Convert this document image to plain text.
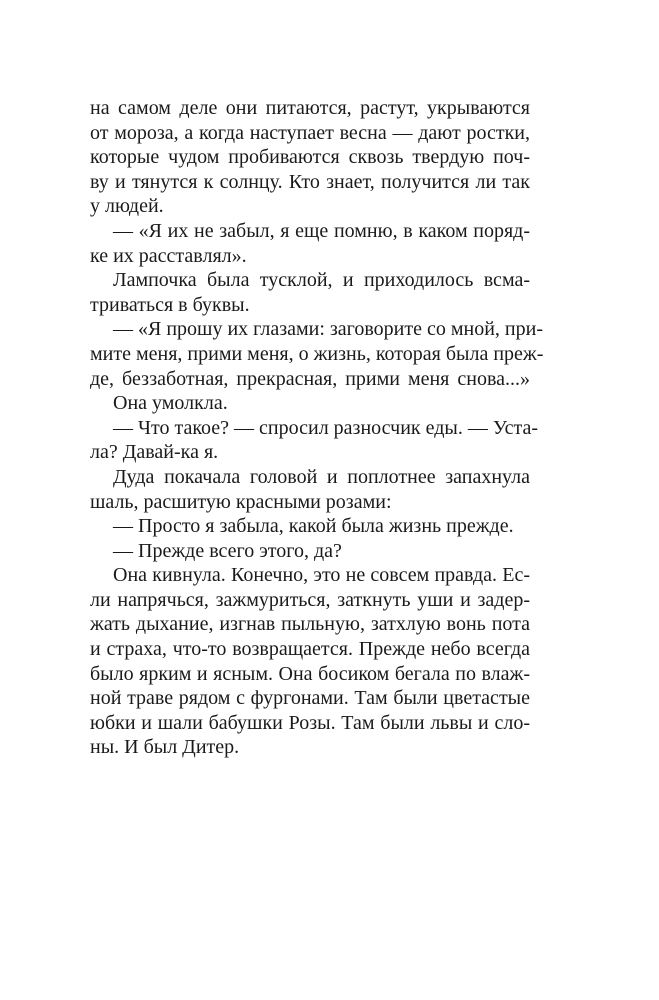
на самом деле они питаются, растут, укрываются
от мороза, а когда наступает весна — дают ростки,
которые чудом пробиваются сквозь твердую поч-
ву и тянутся к солнцу. Кто знает, получится ли так
у людей.
— «Я их не забыл, я еще помню, в каком поряд-
ке их расставлял».
Лампочка была тусклой, и приходилось всма-
триваться в буквы.
— «Я прошу их глазами: заговорите со мной, при-
мите меня, прими меня, о жизнь, которая была преж-
де, беззаботная, прекрасная, прими меня снова...»
Она умолкла.
— Что такое? — спросил разносчик еды. — Уста-
ла? Давай-ка я.
Дуда покачала головой и поплотнее запахнула
шаль, расшитую красными розами:
— Просто я забыла, какой была жизнь прежде.
— Прежде всего этого, да?
Она кивнула. Конечно, это не совсем правда. Ес-
ли напрячься, зажмуриться, заткнуть уши и задер-
жать дыхание, изгнав пыльную, затхлую вонь пота
и страха, что-то возвращается. Прежде небо всегда
было ярким и ясным. Она босиком бегала по влаж-
ной траве рядом с фургонами. Там были цветастые
юбки и шали бабушки Розы. Там были львы и сло-
ны. И был Дитер.
